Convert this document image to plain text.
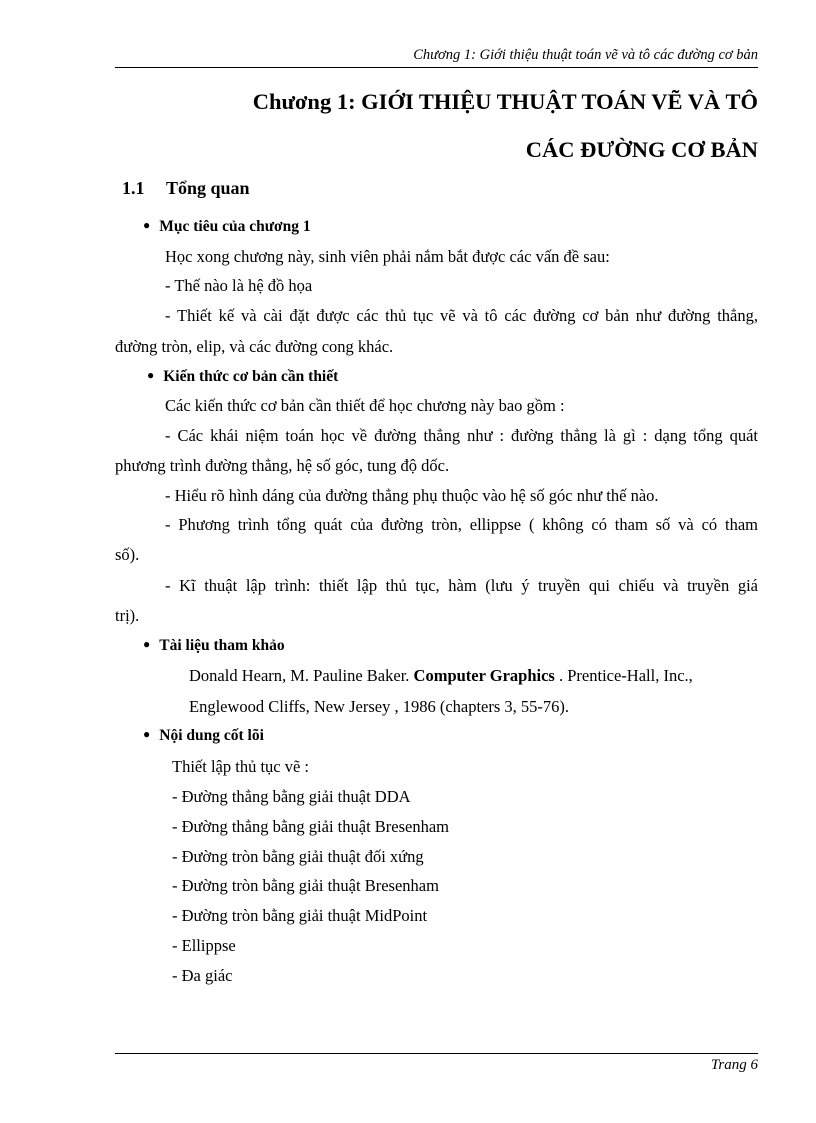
Chương 1: Giới thiệu thuật toán vẽ và tô các đường cơ bản
Chương 1: GIỚI THIỆU THUẬT TOÁN VẼ VÀ TÔ
CÁC ĐƯỜNG CƠ BẢN
1.1 Tổng quan
● Mục tiêu của chương 1
Học xong chương này, sinh viên phải nắm bắt được các vấn đề sau:
- Thế nào là hệ đồ họa
- Thiết kế và cài đặt được các thủ tục vẽ và tô các đường cơ bản như đường thẳng,
đường tròn, elip, và các đường cong khác.
● Kiến thức cơ bản cần thiết
Các kiến thức cơ bản cần thiết để học chương này bao gồm :
- Các khái niệm toán học về đường thẳng như : đường thẳng là gì : dạng tổng quát
phương trình đường thẳng, hệ số góc, tung độ dốc.
- Hiểu rõ hình dáng của đường thẳng phụ thuộc vào hệ số góc như thế nào.
- Phương trình tổng quát của đường tròn, ellippse ( không có tham số và có tham
số).
- Kĩ thuật lập trình: thiết lập thủ tục, hàm (lưu ý truyền qui chiếu và truyền giá
trị).
● Tài liệu tham khảo
Donald Hearn, M. Pauline Baker. Computer Graphics . Prentice-Hall, Inc.,
Englewood Cliffs, New Jersey , 1986 (chapters 3, 55-76).
● Nội dung cốt lõi
Thiết lập thủ tục vẽ :
- Đường thẳng bằng giải thuật DDA
- Đường thẳng bằng giải thuật Bresenham
- Đường tròn bằng giải thuật đối xứng
- Đường tròn bằng giải thuật Bresenham
- Đường tròn bằng giải thuật MidPoint
- Ellippse
- Đa giác
Trang 6
